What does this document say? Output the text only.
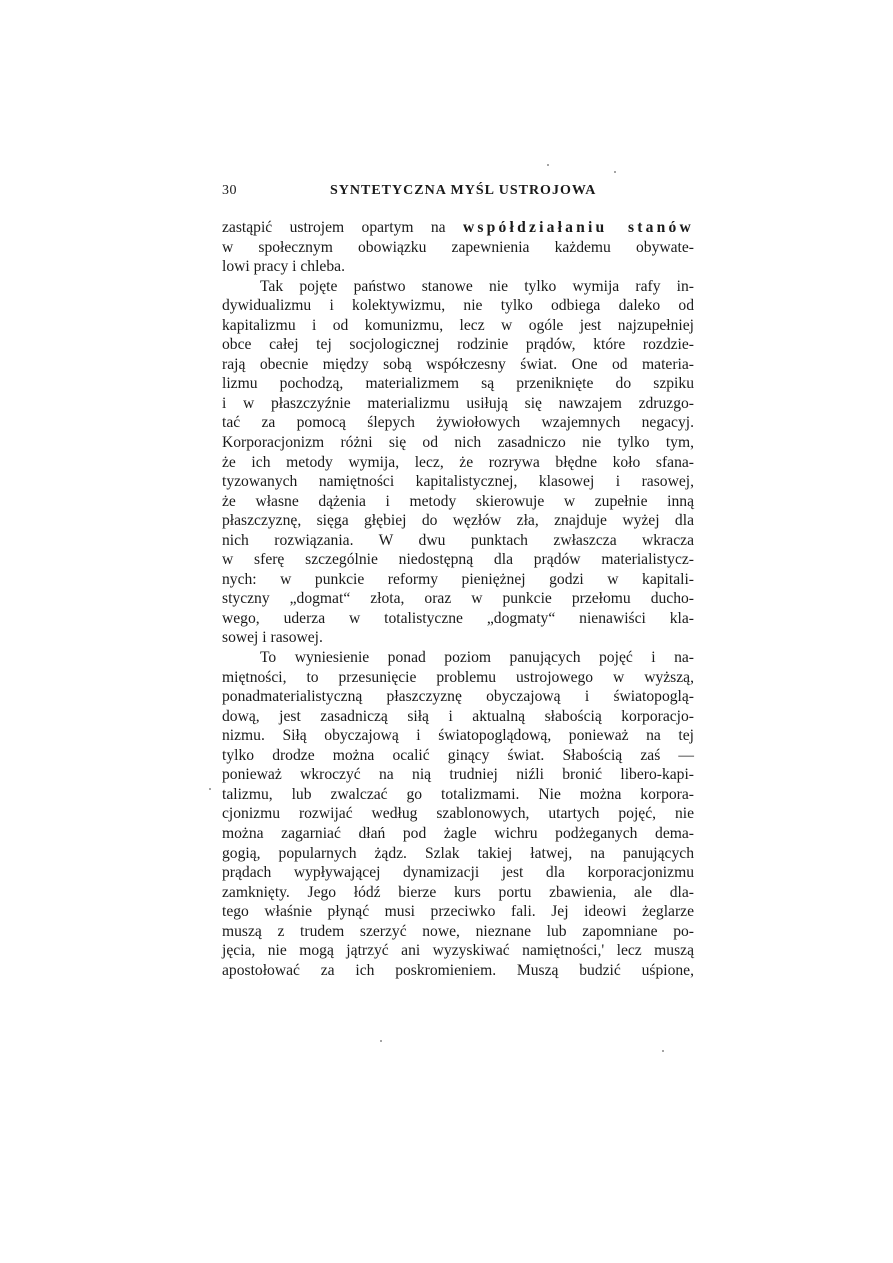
30	SYNTETYCZNA MYŚL USTROJOWA
zastąpić ustrojem opartym na współdziałaniu stanów
w społecznym obowiązku zapewnienia każdemu obywate-
lowi pracy i chleba.
Tak pojęte państwo stanowe nie tylko wymija rafy in-
dywidualizmu i kolektywizmu, nie tylko odbiega daleko od
kapitalizmu i od komunizmu, lecz w ogóle jest najzupełniej
obce całej tej socjologicznej rodzinie prądów, które rozdzie-
rają obecnie między sobą współczesny świat. One od materia-
lizmu pochodzą, materializmem są przeniknięte do szpiku
i w płaszczyźnie materializmu usiłują się nawzajem zdruzgo-
tać za pomocą ślepych żywiołowych wzajemnych negacyj.
Korporacjonizm różni się od nich zasadniczo nie tylko tym,
że ich metody wymija, lecz, że rozrywa błędne koło sfana-
tyzowanych namiętności kapitalistycznej, klasowej i rasowej,
że własne dążenia i metody skierowuje w zupełnie inną
płaszczyznę, sięga głębiej do węzłów zła, znajduje wyżej dla
nich rozwiązania. W dwu punktach zwłaszcza wkracza
w sferę szczególnie niedostępną dla prądów materialistycz-
nych: w punkcie reformy pieniężnej godzi w kapitali-
styczny „dogmat“ złota, oraz w punkcie przełomu ducho-
wego, uderza w totalistyczne „dogmaty“ nienawiści kla-
sowej i rasowej.
To wyniesienie ponad poziom panujących pojęć i na-
miętności, to przesunięcie problemu ustrojowego w wyższą,
ponadmaterialistyczną płaszczyznę obyczajową i światopoglą-
dową, jest zasadniczą siłą i aktualną słabością korporacjo-
nizmu. Siłą obyczajową i światopoglądową, ponieważ na tej
tylko drodze można ocalić ginący świat. Słabością zaś —
ponieważ wkroczyć na nią trudniej niźli bronić libero-kapi-
talizmu, lub zwalczać go totalizmami. Nie można korpora-
cjonizmu rozwijać według szablonowych, utartych pojęć, nie
można zagarniać dłań pod żagle wichru podżeganych dema-
gogią, popularnych żądz. Szlak takiej łatwej, na panujących
prądach wypływającej dynamizacji jest dla korporacjonizmu
zamknięty. Jego łódź bierze kurs portu zbawienia, ale dla-
tego właśnie płynąć musi przeciwko fali. Jej ideowi żeglarze
muszą z trudem szerzyć nowe, nieznane lub zapomniane po-
jęcia, nie mogą jątrzyć ani wyzyskiwać namiętności,' lecz muszą
apostołować za ich poskromieniem. Muszą budzić uśpione,
